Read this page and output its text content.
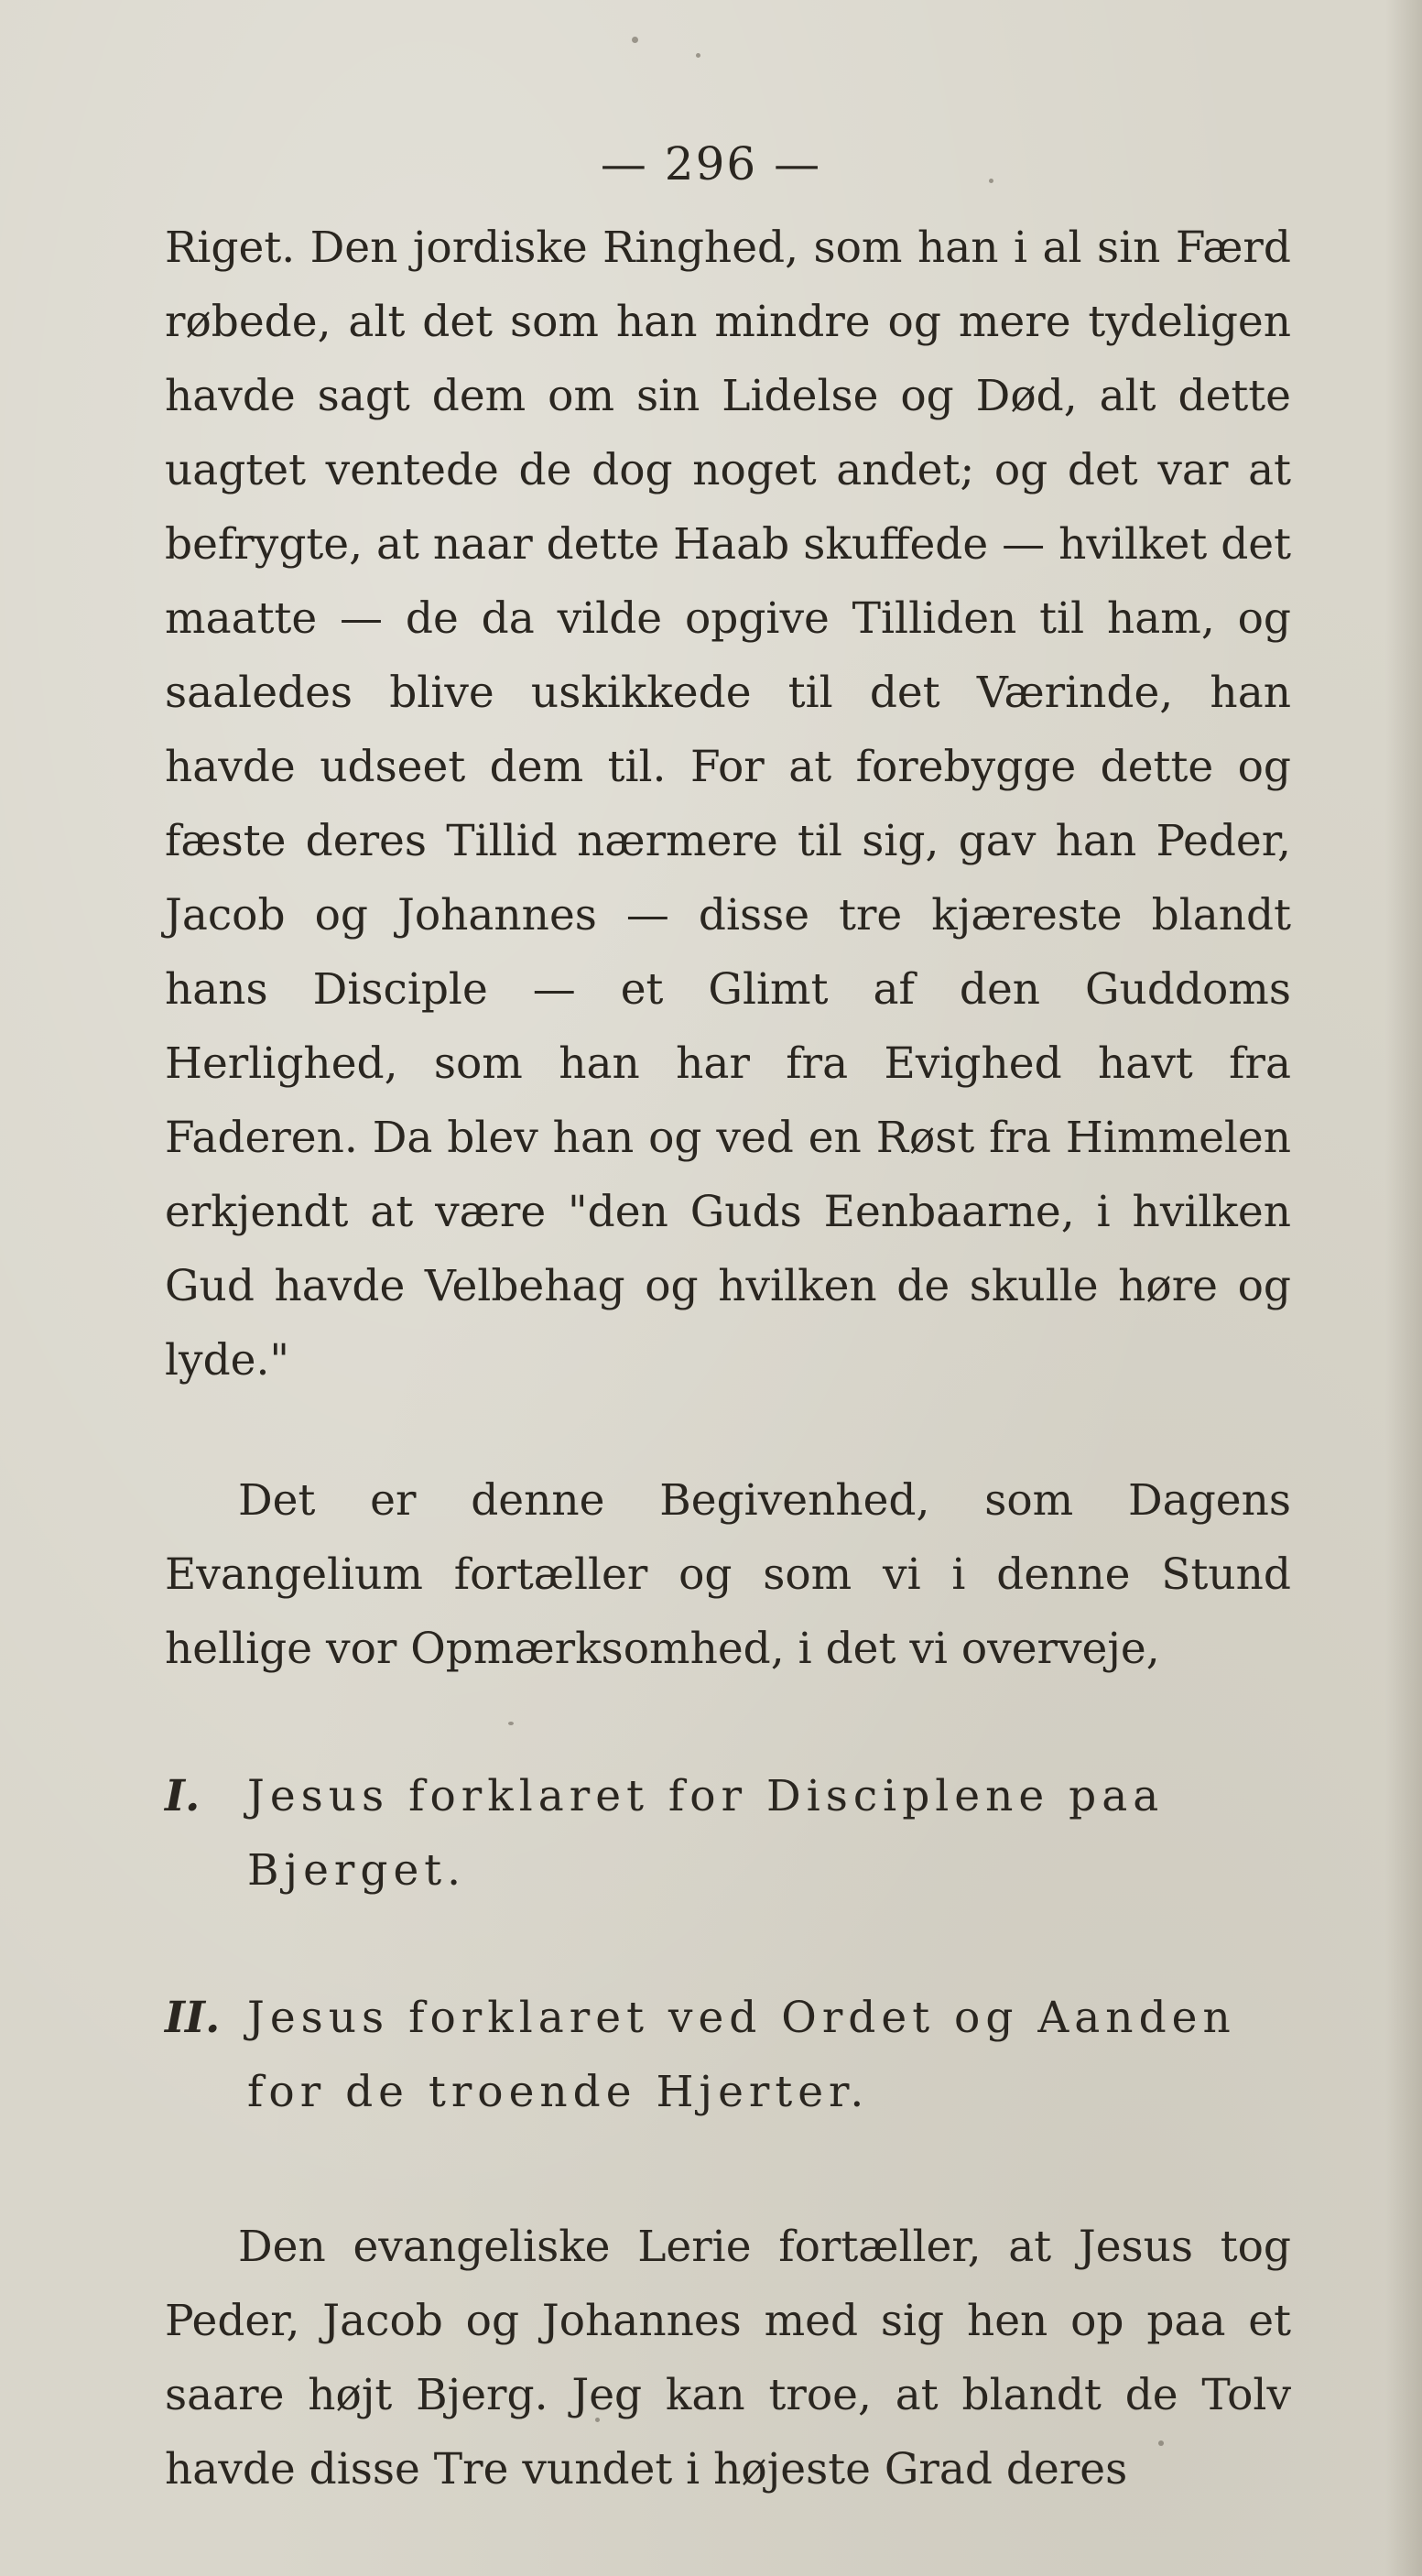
— 296 —

Riget. Den jordiske Ringhed, som han i al sin Færd røbede, alt det som han mindre og mere tydeligen havde sagt dem om sin Lidelse og Død, alt dette uagtet ventede de dog noget andet; og det var at befrygte, at naar dette Haab skuffede — hvilket det maatte — de da vilde opgive Tilliden til ham, og saaledes blive uskikkede til det Værinde, han havde udseet dem til. For at forebygge dette og fæste deres Tillid nærmere til sig, gav han Peder, Jacob og Johannes — disse tre kjæreste blandt hans Disciple — et Glimt af den Guddoms Herlighed, som han har fra Evighed havt fra Faderen. Da blev han og ved en Røst fra Himmelen erkjendt at være "den Guds Eenbaarne, i hvilken Gud havde Velbehag og hvilken de skulle høre og lyde."

Det er denne Begivenhed, som Dagens Evangelium fortæller og som vi i denne Stund hellige vor Opmærksomhed, i det vi overveje,

I.	Jesus forklaret for Disciplene paa Bjerget.
II. Jesus forklaret ved Ordet og Aanden for de troende Hjerter.

Den evangeliske Lerie fortæller, at Jesus tog Peder, Jacob og Johannes med sig hen op paa et saare højt Bjerg. Jeg kan troe, at blandt de Tolv havde disse Tre vundet i højeste Grad deres
